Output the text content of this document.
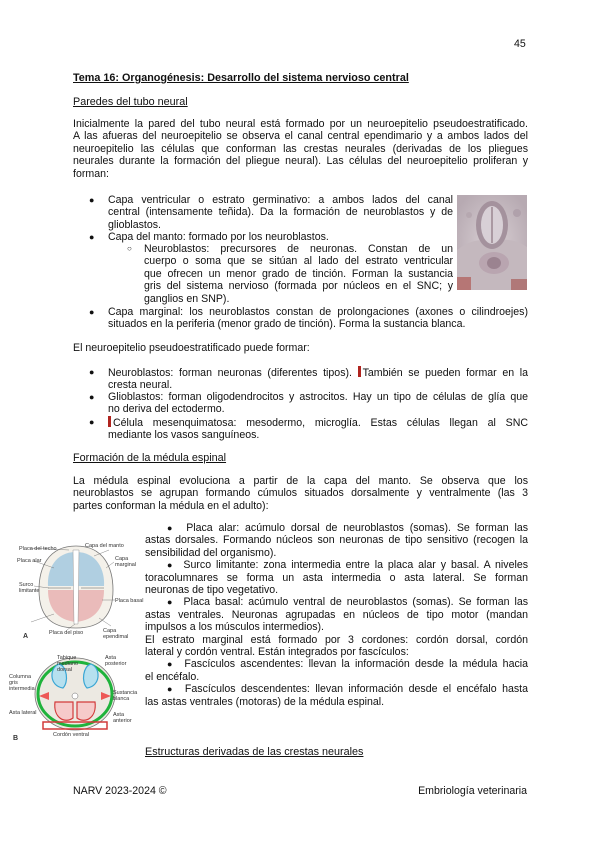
45
Tema 16: Organogénesis: Desarrollo del sistema nervioso central
Paredes del tubo neural
Inicialmente la pared del tubo neural está formado por un neuroepitelio pseudoestratificado.
A las afueras del neuroepitelio se observa el canal central ependimario y a ambos lados del
neuroepitelio las células que conforman las crestas neurales (derivadas de los pliegues
neurales durante la formación del pliegue neural). Las células del neuroepitelio proliferan y
forman:
● Capa ventricular o estrato germinativo: a ambos lados del canal
central (intensamente teñida). Da la formación de neuroblastos y de
glioblastos.
● Capa del manto: formado por los neuroblastos.
○ Neuroblastos: precursores de neuronas. Constan de un
cuerpo o soma que se sitúan al lado del estrato ventricular
que ofrecen un menor grado de tinción. Forman la sustancia
gris del sistema nervioso (formada por núcleos en el SNC; y
ganglios en SNP).
● Capa marginal: los neuroblastos constan de prolongaciones (axones o cilindroejes)
situados en la periferia (menor grado de tinción). Forma la sustancia blanca.
El neuroepitelio pseudoestratificado puede formar:
● Neuroblastos: forman neuronas (diferentes tipos). También se pueden formar en la
cresta neural.
● Glioblastos: forman oligodendrocitos y astrocitos. Hay un tipo de células de glía que
no deriva del ectodermo.
●	Célula mesenquimatosa: mesodermo, microglía. Estas células llegan al SNC
mediante los vasos sanguíneos.
Formación de la médula espinal
La médula espinal evoluciona a partir de la capa del manto. Se observa que los
neuroblastos se agrupan formando cúmulos situados dorsalmente y ventralmente (las 3
partes conforman la médula en el adulto):
●  Placa alar: acúmulo dorsal de neuroblastos (somas). Se forman las
astas dorsales. Formando núcleos son neuronas de tipo sensitivo (recogen la
sensibilidad del organismo).
●  Surco limitante: zona intermedia entre la placa alar y basal. A niveles
toracolumnares se forma un asta intermedia o asta lateral. Se forman
neuronas de tipo vegetativo.
●  Placa basal: acúmulo ventral de neuroblastos (somas). Se forman las
astas ventrales. Neuronas agrupadas en núcleos de tipo motor (mandan
impulsos a los músculos intermedios).
El estrato marginal está formado por 3 cordones: cordón dorsal, cordón
lateral y cordón ventral. Están integrados por fascículos:
●  Fascículos ascendentes: llevan la información desde la médula hacia
el encéfalo.
●  Fascículos descendentes: llevan información desde el encéfalo hasta
las astas ventrales (motoras) de la médula espinal.
Placa del techo	Capa del manto
Placa alar	Capa marginal
Surco limitante
Placa basal
Placa del piso	Capa ependimal
A
Tabique mediano dorsal
Asta posterior
Columna gris intermedia
Asta lateral
Sustancia blanca
Asta anterior
Cordón ventral
B
Estructuras derivadas de las crestas neurales
NARV 2023-2024 ©	Embriología veterinaria
